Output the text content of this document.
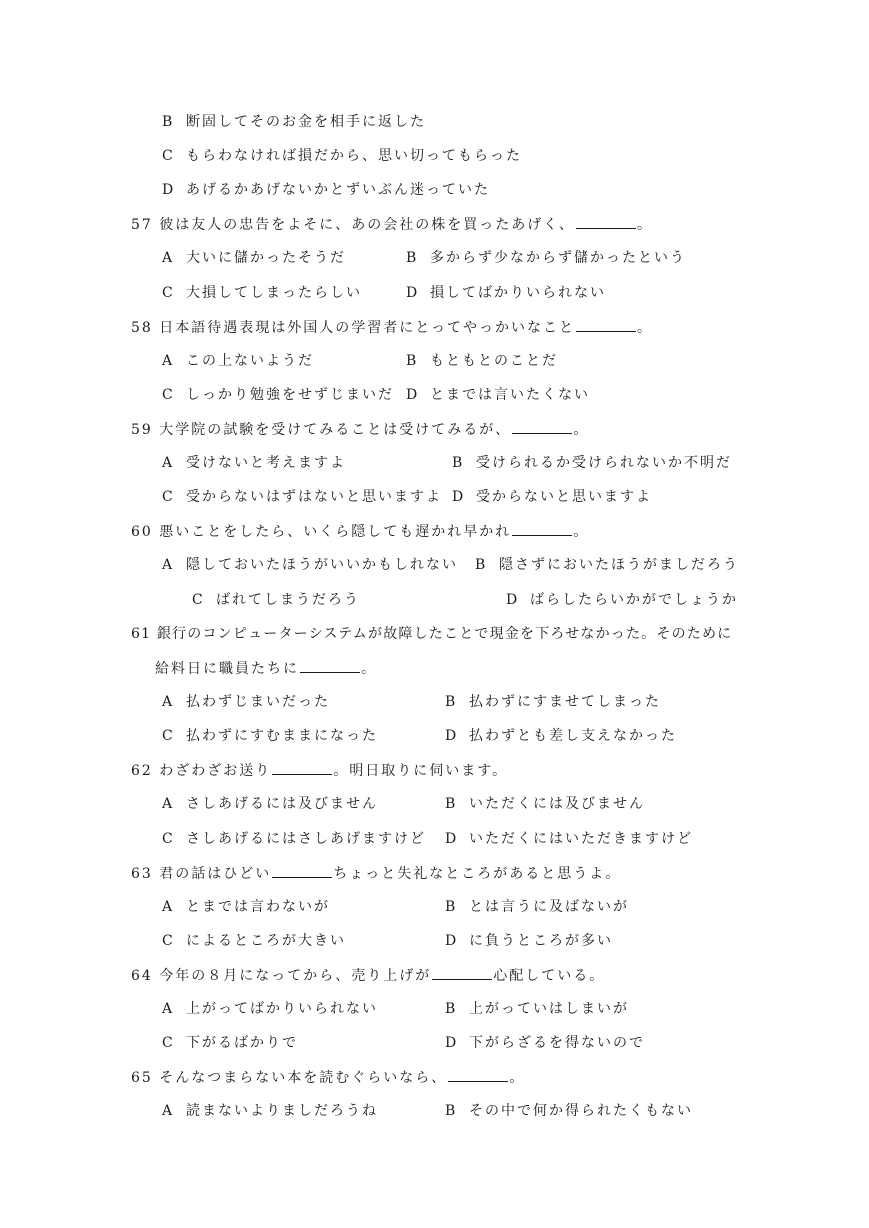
B 断固してそのお金を相手に返した
C もらわなければ損だから、思い切ってもらった
D あげるかあげないかとずいぶん迷っていた
57 彼は友人の忠告をよそに、あの会社の株を買ったあげく、	。
A 大いに儲かったそうだ	B 多からず少なからず儲かったという
C 大損してしまったらしい	D 損してばかりいられない
58 日本語待遇表現は外国人の学習者にとってやっかいなこと	。
A この上ないようだ	B もともとのことだ
C しっかり勉強をせずじまいだ D とまでは言いたくない
59 大学院の試験を受けてみることは受けてみるが、	。
A 受けないと考えますよ	B 受けられるか受けられないか不明だ
C 受からないはずはないと思いますよ D 受からないと思いますよ
60 悪いことをしたら、いくら隠しても遅かれ早かれ	。
A 隠しておいたほうがいいかもしれない B 隠さずにおいたほうがましだろう
C ばれてしまうだろう	D ばらしたらいかがでしょうか
61 銀行のコンピューターシステムが故障したことで現金を下ろせなかった。そのために
給料日に職員たちに	。
A 払わずじまいだった	B 払わずにすませてしまった
C 払わずにすむままになった	D 払わずとも差し支えなかった
62 わざわざお送り	。明日取りに伺います。
A さしあげるには及びません	B いただくには及びません
C さしあげるにはさしあげますけど D いただくにはいただきますけど
63 君の話はひどい	ちょっと失礼なところがあると思うよ。
A とまでは言わないが	B とは言うに及ばないが
C によるところが大きい	D に負うところが多い
64 今年の８月になってから、売り上げが	心配している。
A 上がってばかりいられない	B 上がっていはしまいが
C 下がるばかりで	D 下がらざるを得ないので
65 そんなつまらない本を読むぐらいなら、	。
A 読まないよりましだろうね	B その中で何か得られたくもない
